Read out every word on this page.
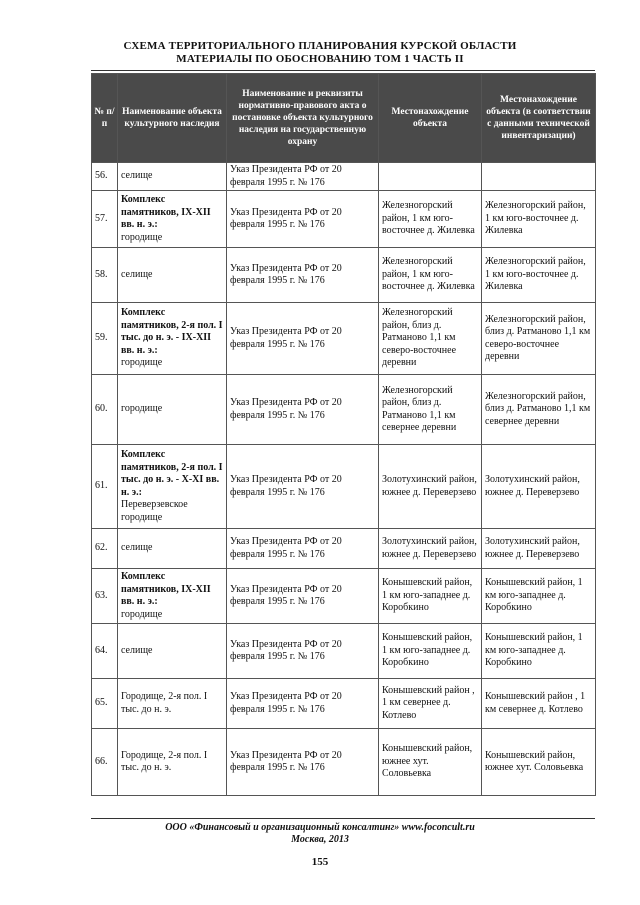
СХЕМА ТЕРРИТОРИАЛЬНОГО ПЛАНИРОВАНИЯ КУРСКОЙ ОБЛАСТИ
МАТЕРИАЛЫ ПО ОБОСНОВАНИЮ ТОМ 1 ЧАСТЬ II
№ п/п	Наименование объекта культурного наследия	Наименование и реквизиты нормативно-правового акта о постановке объекта культурного наследия на государственную охрану	Местонахождение объекта	Местонахождение объекта (в соответствии с данными технической инвентаризации)
56.	селище	Указ Президента РФ от 20 февраля 1995 г. № 176		
57.	Комплекс памятников, IX-XII вв. н. э.:
городище	Указ Президента РФ от 20 февраля 1995 г. № 176	Железногорский район, 1 км юго-восточнее д. Жилевка	Железногорский район, 1 км юго-восточнее д. Жилевка
58.	селище	Указ Президента РФ от 20 февраля 1995 г. № 176	Железногорский район, 1 км юго-восточнее д. Жилевка	Железногорский район, 1 км юго-восточнее д. Жилевка
59.	Комплекс памятников, 2-я пол. I тыс. до н. э. - IX-XII вв. н. э.:
городище	Указ Президента РФ от 20 февраля 1995 г. № 176	Железногорский район, близ д. Ратманово 1,1 км северо-восточнее деревни	Железногорский район, близ д. Ратманово 1,1 км северо-восточнее деревни
60.	городище	Указ Президента РФ от 20 февраля 1995 г. № 176	Железногорский район, близ д. Ратманово 1,1 км севернее деревни	Железногорский район, близ д. Ратманово 1,1 км севернее деревни
61.	Комплекс памятников, 2-я пол. I тыс. до н. э. - X-XI вв. н. э.:
Переверзевское городище	Указ Президента РФ от 20 февраля 1995 г. № 176	Золотухинский район, южнее д. Переверзево	Золотухинский район, южнее д. Переверзево
62.	селище	Указ Президента РФ от 20 февраля 1995 г. № 176	Золотухинский район, южнее д. Переверзево	Золотухинский район, южнее д. Переверзево
63.	Комплекс памятников, IX-XII вв. н. э.:
городище	Указ Президента РФ от 20 февраля 1995 г. № 176	Конышевский район, 1 км юго-западнее д. Коробкино	Конышевский район, 1 км юго-западнее д. Коробкино
64.	селище	Указ Президента РФ от 20 февраля 1995 г. № 176	Конышевский район, 1 км юго-западнее д. Коробкино	Конышевский район, 1 км юго-западнее д. Коробкино
65.	Городище, 2-я пол. I тыс. до н. э.	Указ Президента РФ от 20 февраля 1995 г. № 176	Конышевский район , 1 км севернее д. Котлево	Конышевский район , 1 км севернее д. Котлево
66.	Городище, 2-я пол. I тыс. до н. э.	Указ Президента РФ от 20 февраля 1995 г. № 176	Конышевский район, южнее хут. Соловьевка	Конышевский район, южнее хут. Соловьевка
ООО «Финансовый и организационный консалтинг» www.foconcult.ru
Москва, 2013
155
